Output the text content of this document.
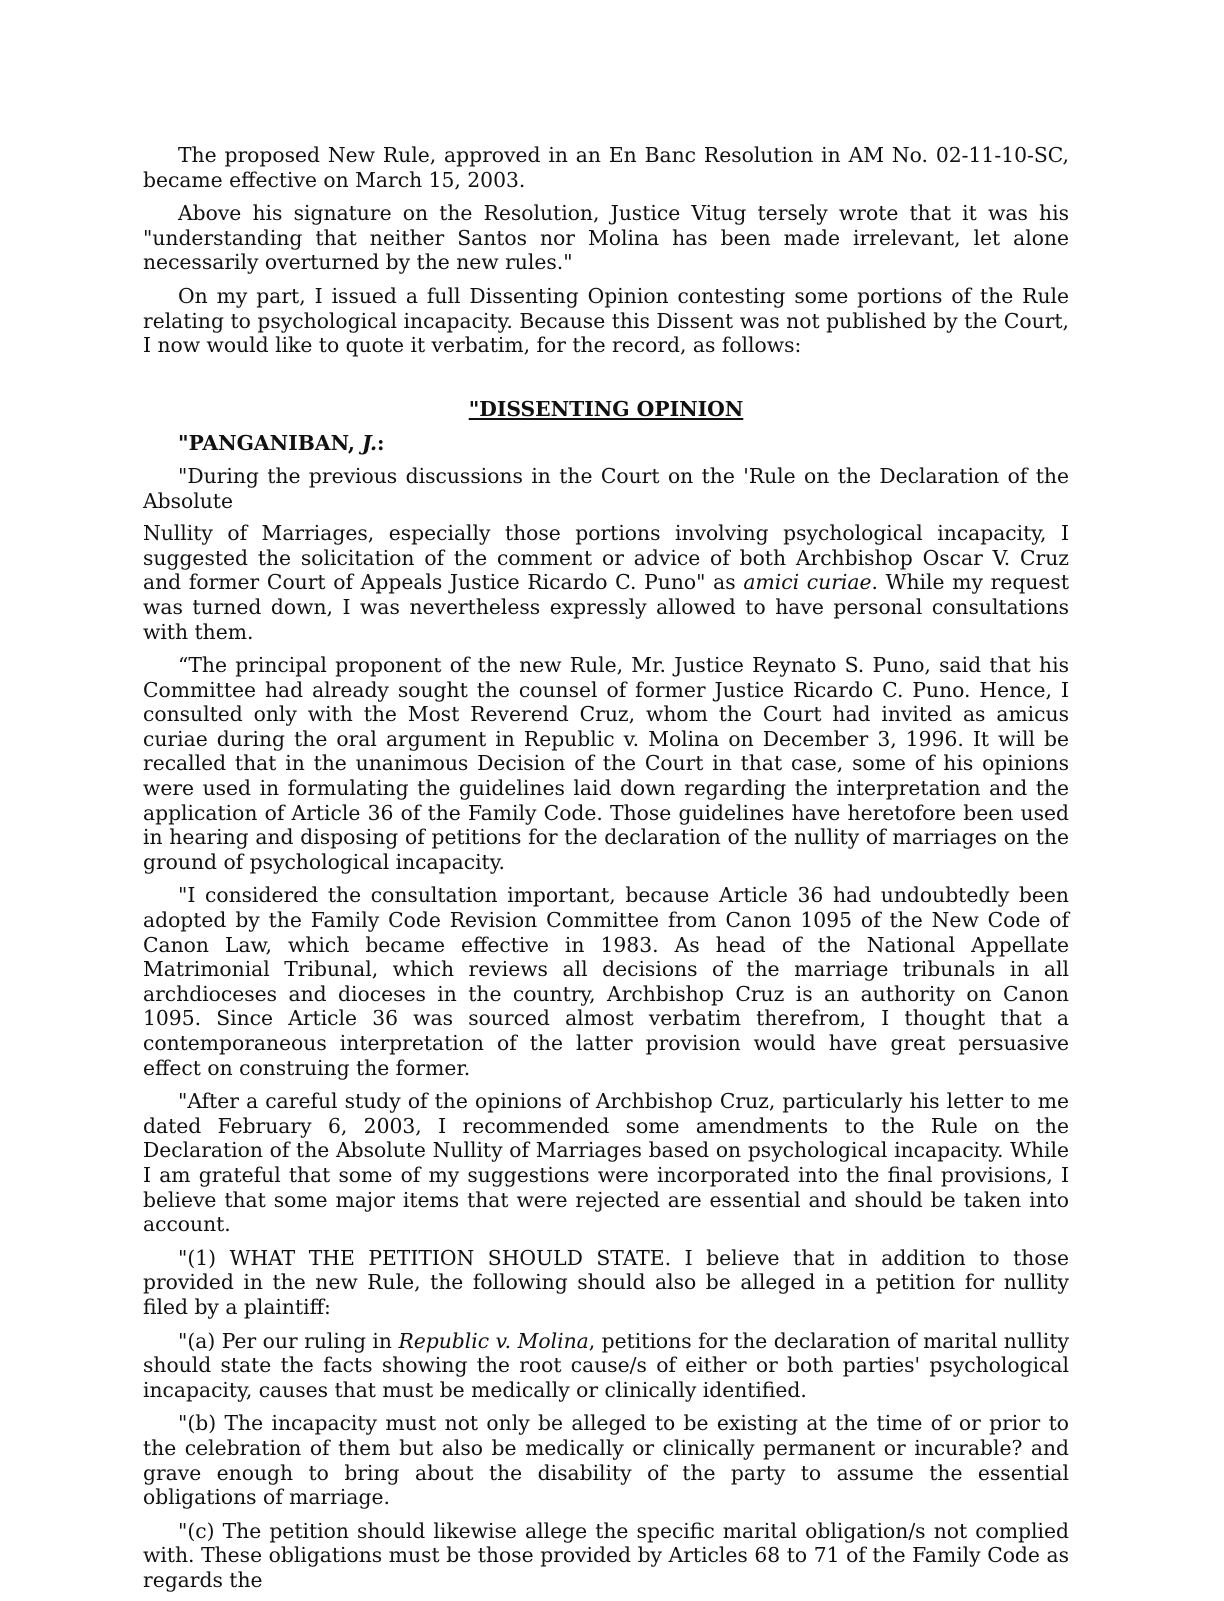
The proposed New Rule, approved in an En Banc Resolution in AM No. 02-11-10-SC, became effective on March 15, 2003.

Above his signature on the Resolution, Justice Vitug tersely wrote that it was his "understanding that neither Santos nor Molina has been made irrelevant, let alone necessarily overturned by the new rules."

On my part, I issued a full Dissenting Opinion contesting some portions of the Rule relating to psychological incapacity. Because this Dissent was not published by the Court, I now would like to quote it verbatim, for the record, as follows:

"DISSENTING OPINION
"PANGANIBAN, J.:

"During the previous discussions in the Court on the 'Rule on the Declaration of the Absolute
Nullity of Marriages, especially those portions involving psychological incapacity, I suggested the solicitation of the comment or advice of both Archbishop Oscar V. Cruz and former Court of Appeals Justice Ricardo C. Puno" as amici curiae. While my request was turned down, I was nevertheless expressly allowed to have personal consultations with them.

“The principal proponent of the new Rule, Mr. Justice Reynato S. Puno, said that his Committee had already sought the counsel of former Justice Ricardo C. Puno. Hence, I consulted only with the Most Reverend Cruz, whom the Court had invited as amicus curiae during the oral argument in Republic v. Molina on December 3, 1996. It will be recalled that in the unanimous Decision of the Court in that case, some of his opinions were used in formulating the guidelines laid down regarding the interpretation and the application of Article 36 of the Family Code. Those guidelines have heretofore been used in hearing and disposing of petitions for the declaration of the nullity of marriages on the ground of psychological incapacity.

"I considered the consultation important, because Article 36 had undoubtedly been adopted by the Family Code Revision Committee from Canon 1095 of the New Code of Canon Law, which became effective in 1983. As head of the National Appellate Matrimonial Tribunal, which reviews all decisions of the marriage tribunals in all archdioceses and dioceses in the country, Archbishop Cruz is an authority on Canon 1095. Since Article 36 was sourced almost verbatim therefrom, I thought that a contemporaneous interpretation of the latter provision would have great persuasive effect on construing the former.

"After a careful study of the opinions of Archbishop Cruz, particularly his letter to me dated February 6, 2003, I recommended some amendments to the Rule on the Declaration of the Absolute Nullity of Marriages based on psychological incapacity. While I am grateful that some of my suggestions were incorporated into the final provisions, I believe that some major items that were rejected are essential and should be taken into account.

"(1) WHAT THE PETITION SHOULD STATE. I believe that in addition to those provided in the new Rule, the following should also be alleged in a petition for nullity filed by a plaintiff:

"(a) Per our ruling in Republic v. Molina, petitions for the declaration of marital nullity should state the facts showing the root cause/s of either or both parties' psychological incapacity, causes that must be medically or clinically identified.

"(b) The incapacity must not only be alleged to be existing at the time of or prior to the celebration of them but also be medically or clinically permanent or incurable? and grave enough to bring about the disability of the party to assume the essential obligations of marriage.

"(c) The petition should likewise allege the specific marital obligation/s not complied with. These obligations must be those provided by Articles 68 to 71 of the Family Code as regards the
